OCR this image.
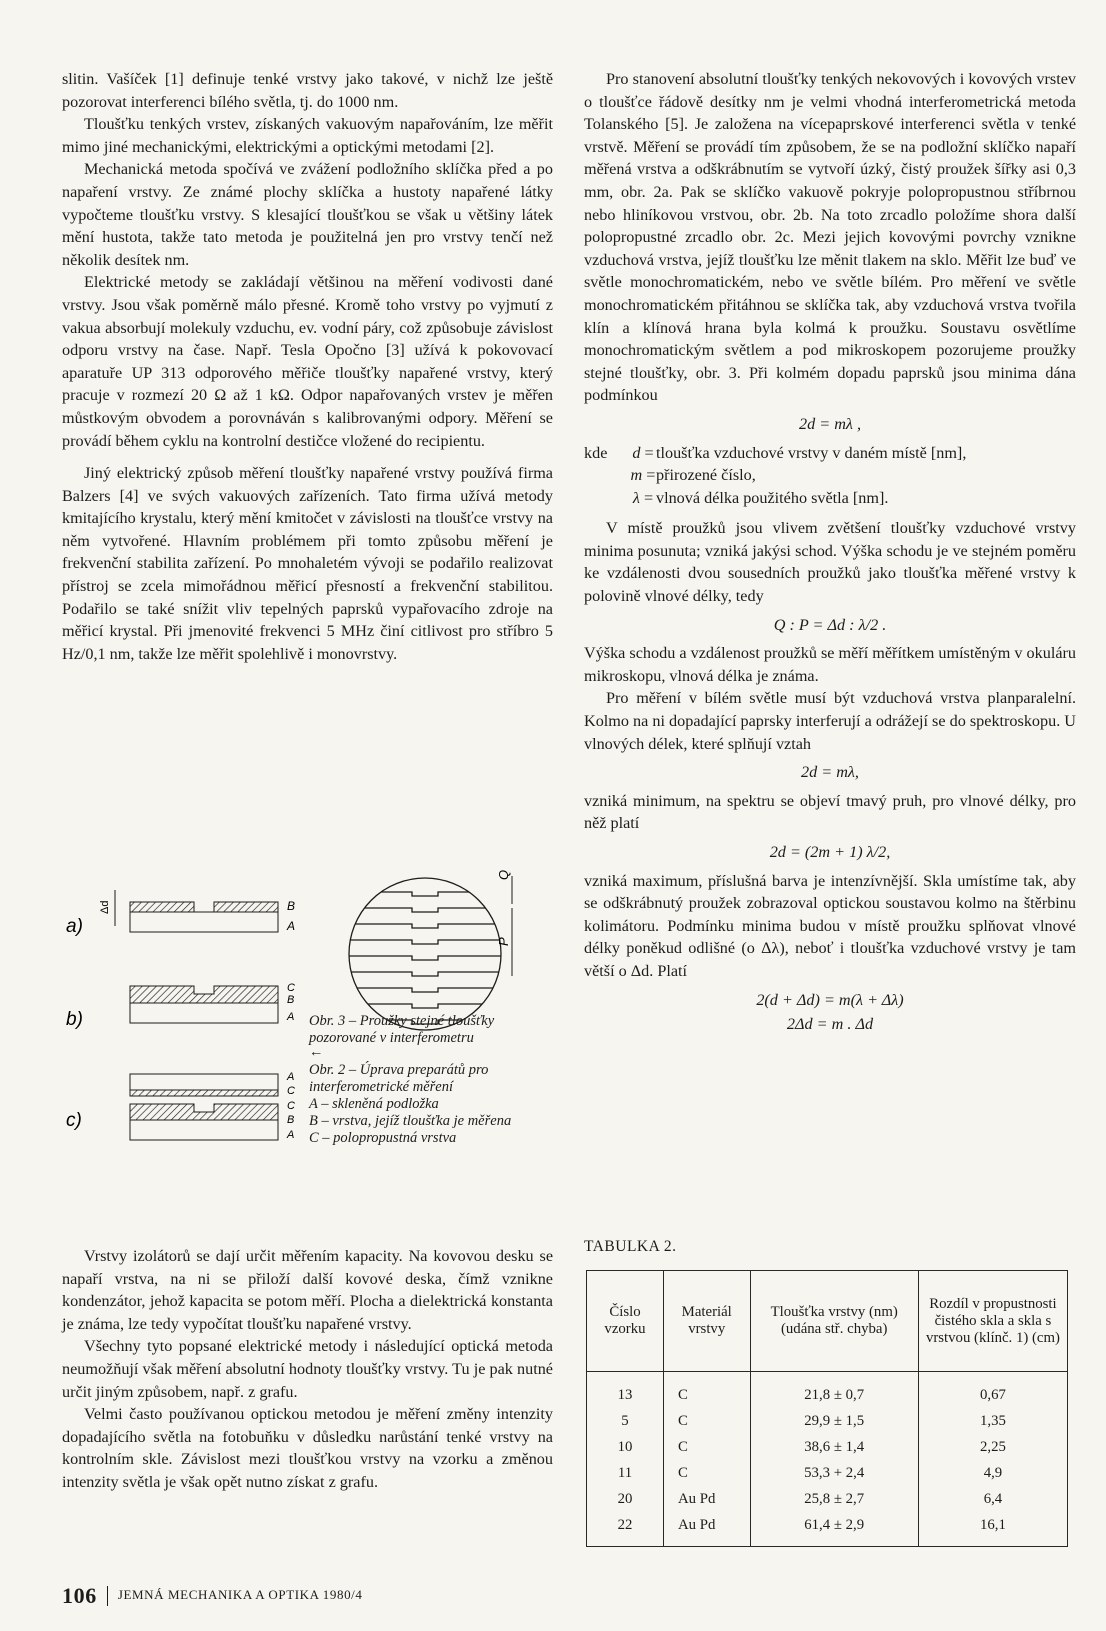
slitin. Vašíček [1] definuje tenké vrstvy jako takové, v nichž lze ještě pozorovat interferenci bílého světla, tj. do 1000 nm.

Tloušťku tenkých vrstev, získaných vakuovým napařováním, lze měřit mimo jiné mechanickými, elektrickými a optickými metodami [2].

Mechanická metoda spočívá ve zvážení podložního sklíčka před a po napaření vrstvy. Ze známé plochy sklíčka a hustoty napařené látky vypočteme tloušťku vrstvy. S klesající tloušťkou se však u většiny látek mění hustota, takže tato metoda je použitelná jen pro vrstvy tenčí než několik desítek nm.

Elektrické metody se zakládají většinou na měření vodivosti dané vrstvy. Jsou však poměrně málo přesné. Kromě toho vrstvy po vyjmutí z vakua absorbují molekuly vzduchu, ev. vodní páry, což způsobuje závislost odporu vrstvy na čase. Např. Tesla Opočno [3] užívá k pokovovací aparatuře UP 313 odporového měřiče tloušťky napařené vrstvy, který pracuje v rozmezí 20 Ω až 1 kΩ. Odpor napařovaných vrstev je měřen můstkovým obvodem a porovnáván s kalibrovanými odpory. Měření se provádí během cyklu na kontrolní destičce vložené do recipientu.

Jiný elektrický způsob měření tloušťky napařené vrstvy používá firma Balzers [4] ve svých vakuových zařízeních. Tato firma užívá metody kmitajícího krystalu, který mění kmitočet v závislosti na tloušťce vrstvy na něm vytvořené. Hlavním problémem při tomto způsobu měření je frekvenční stabilita zařízení. Po mnohaletém vývoji se podařilo realizovat přístroj se zcela mimořádnou měřicí přesností a frekvenční stabilitou. Podařilo se také snížit vliv tepelných paprsků vypařovacího zdroje na měřicí krystal. Při jmenovité frekvenci 5 MHz činí citlivost pro stříbro 5 Hz/0,1 nm, takže lze měřit spolehlivě i monovrstvy.

a)
Δd	B
A
b)
C
B
A
c)
A
C
C
B
A
Q
P
Obr. 3 – Proužky stejné tloušťky pozorované v interferometru
←
Obr. 2 – Úprava preparátů pro interferometrické měření
A – skleněná podložka
B – vrstva, jejíž tloušťka je měřena
C – polopropustná vrstva

Vrstvy izolátorů se dají určit měřením kapacity. Na kovovou desku se napaří vrstva, na ni se přiloží další kovové deska, čímž vznikne kondenzátor, jehož kapacita se potom měří. Plocha a dielektrická konstanta je známa, lze tedy vypočítat tloušťku napařené vrstvy.

Všechny tyto popsané elektrické metody i následující optická metoda neumožňují však měření absolutní hodnoty tloušťky vrstvy. Tu je pak nutné určit jiným způsobem, např. z grafu.

Velmi často používanou optickou metodou je měření změny intenzity dopadajícího světla na fotobuňku v důsledku narůstání tenké vrstvy na kontrolním skle. Závislost mezi tloušťkou vrstvy na vzorku a změnou intenzity světla je však opět nutno získat z grafu.

Pro stanovení absolutní tloušťky tenkých nekovových i kovových vrstev o tloušťce řádově desítky nm je velmi vhodná interferometrická metoda Tolanského [5]. Je založena na vícepaprskové interferenci světla v tenké vrstvě. Měření se provádí tím způsobem, že se na podložní sklíčko napaří měřená vrstva a odškrábnutím se vytvoří úzký, čistý proužek šířky asi 0,3 mm, obr. 2a. Pak se sklíčko vakuově pokryje polopropustnou stříbrnou nebo hliníkovou vrstvou, obr. 2b. Na toto zrcadlo položíme shora další polopropustné zrcadlo obr. 2c. Mezi jejich kovovými povrchy vznikne vzduchová vrstva, jejíž tloušťku lze měnit tlakem na sklo. Měřit lze buď ve světle monochromatickém, nebo ve světle bílém. Pro měření ve světle monochromatickém přitáhnou se sklíčka tak, aby vzduchová vrstva tvořila klín a klínová hrana byla kolmá k proužku. Soustavu osvětlíme monochromatickým světlem a pod mikroskopem pozorujeme proužky stejné tloušťky, obr. 3. Při kolmém dopadu paprsků jsou minima dána podmínkou

2d = mλ ,
kde	d = tloušťka vzduchové vrstvy v daném místě [nm],
m = přirozené číslo,
λ = vlnová délka použitého světla [nm].

V místě proužků jsou vlivem zvětšení tloušťky vzduchové vrstvy minima posunuta; vzniká jakýsi schod. Výška schodu je ve stejném poměru ke vzdálenosti dvou sousedních proužků jako tloušťka měřené vrstvy k polovině vlnové délky, tedy

Q : P = Δd : λ/2 .

Výška schodu a vzdálenost proužků se měří měřítkem umístěným v okuláru mikroskopu, vlnová délka je známa.

Pro měření v bílém světle musí být vzduchová vrstva planparalelní. Kolmo na ni dopadající paprsky interferují a odrážejí se do spektroskopu. U vlnových délek, které splňují vztah

2d = mλ,

vzniká minimum, na spektru se objeví tmavý pruh, pro vlnové délky, pro něž platí

2d = (2m + 1) λ/2,

vzniká maximum, příslušná barva je intenzívnější. Skla umístíme tak, aby se odškrábnutý proužek zobrazoval optickou soustavou kolmo na štěrbinu kolimátoru. Podmínku minima budou v místě proužku splňovat vlnové délky poněkud odlišné (o Δλ), neboť i tloušťka vzduchové vrstvy je tam větší o Δd. Platí

2(d + Δd) = m(λ + Δλ)
2Δd = m . Δd
TABULKA 2.
Číslo vzorku	Materiál vrstvy	Tloušťka vrstvy (nm) (udána stř. chyba)	Rozdíl v propustnosti čistého skla a skla s vrstvou (klínč. 1) (cm)
13	C	21,8 ± 0,7	0,67
5	C	29,9 ± 1,5	1,35
10	C	38,6 ± 1,4	2,25
11	C	53,3 + 2,4	4,9
20	Au Pd	25,8 ± 2,7	6,4
22	Au Pd	61,4 ± 2,9	16,1
106 JEMNÁ MECHANIKA A OPTIKA 1980/4
